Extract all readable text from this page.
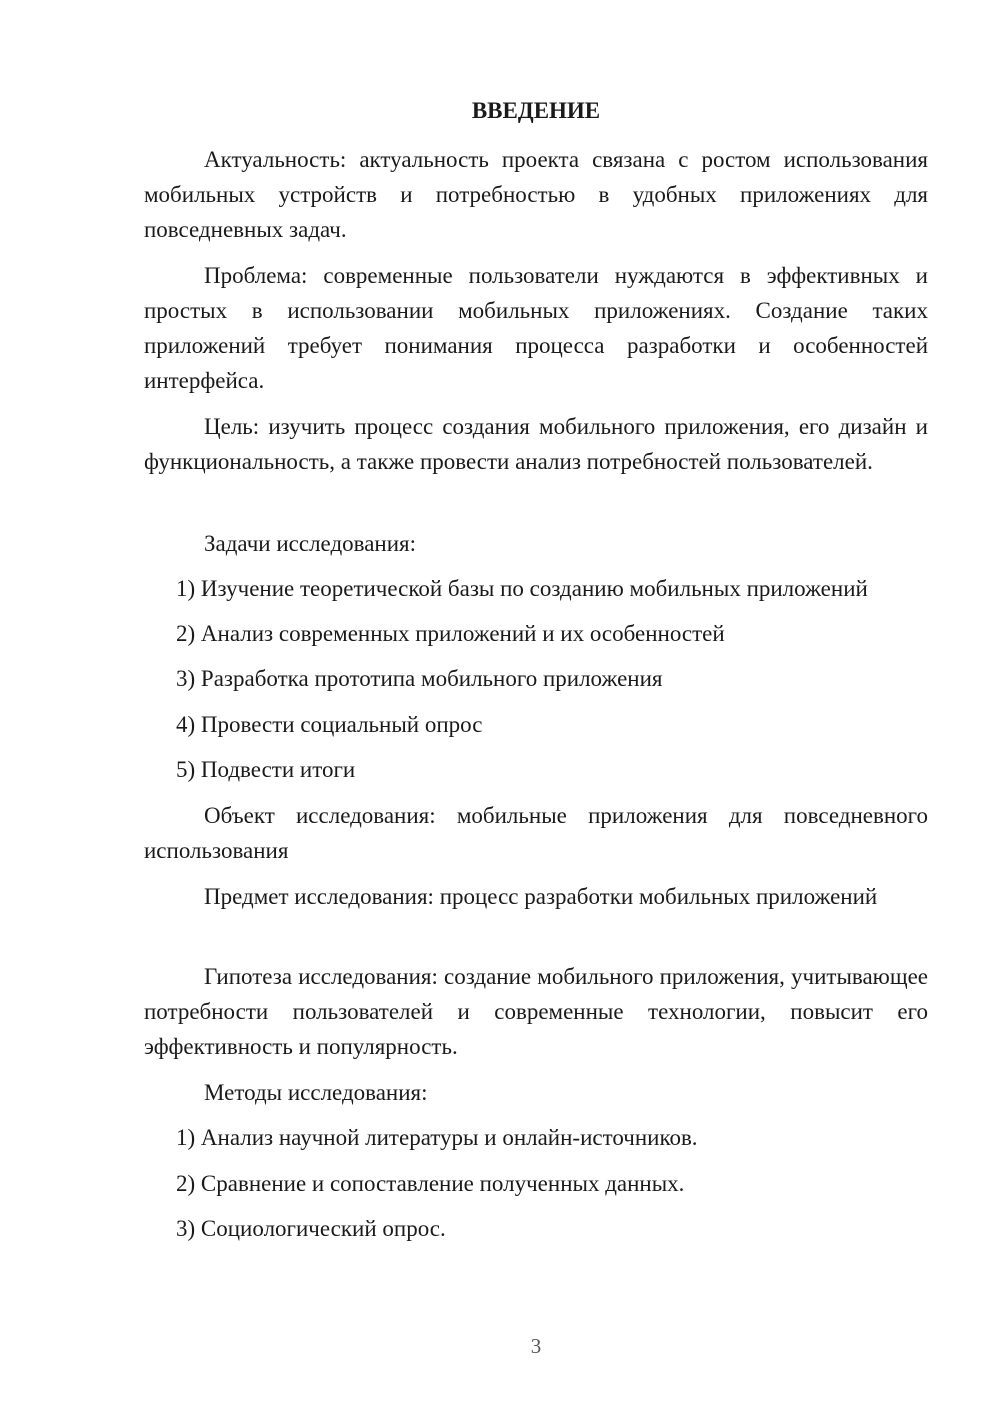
ВВЕДЕНИЕ

Актуальность: актуальность проекта связана с ростом использования мобильных устройств и потребностью в удобных приложениях для повседневных задач.

Проблема: современные пользователи нуждаются в эффективных и простых в использовании мобильных приложениях. Создание таких приложений требует понимания процесса разработки и особенностей интерфейса.

Цель: изучить процесс создания мобильного приложения, его дизайн и функциональность, а также провести анализ потребностей пользователей.

Задачи исследования:

1) Изучение теоретической базы по созданию мобильных приложений
2) Анализ современных приложений и их особенностей
3) Разработка прототипа мобильного приложения
4) Провести социальный опрос
5) Подвести итоги

Объект исследования: мобильные приложения для повседневного использования

Предмет исследования: процесс разработки мобильных приложений

Гипотеза исследования: создание мобильного приложения, учитывающее потребности пользователей и современные технологии, повысит его эффективность и популярность.

Методы исследования:

1) Анализ научной литературы и онлайн-источников.
2) Сравнение и сопоставление полученных данных.
3) Социологический опрос.
3
